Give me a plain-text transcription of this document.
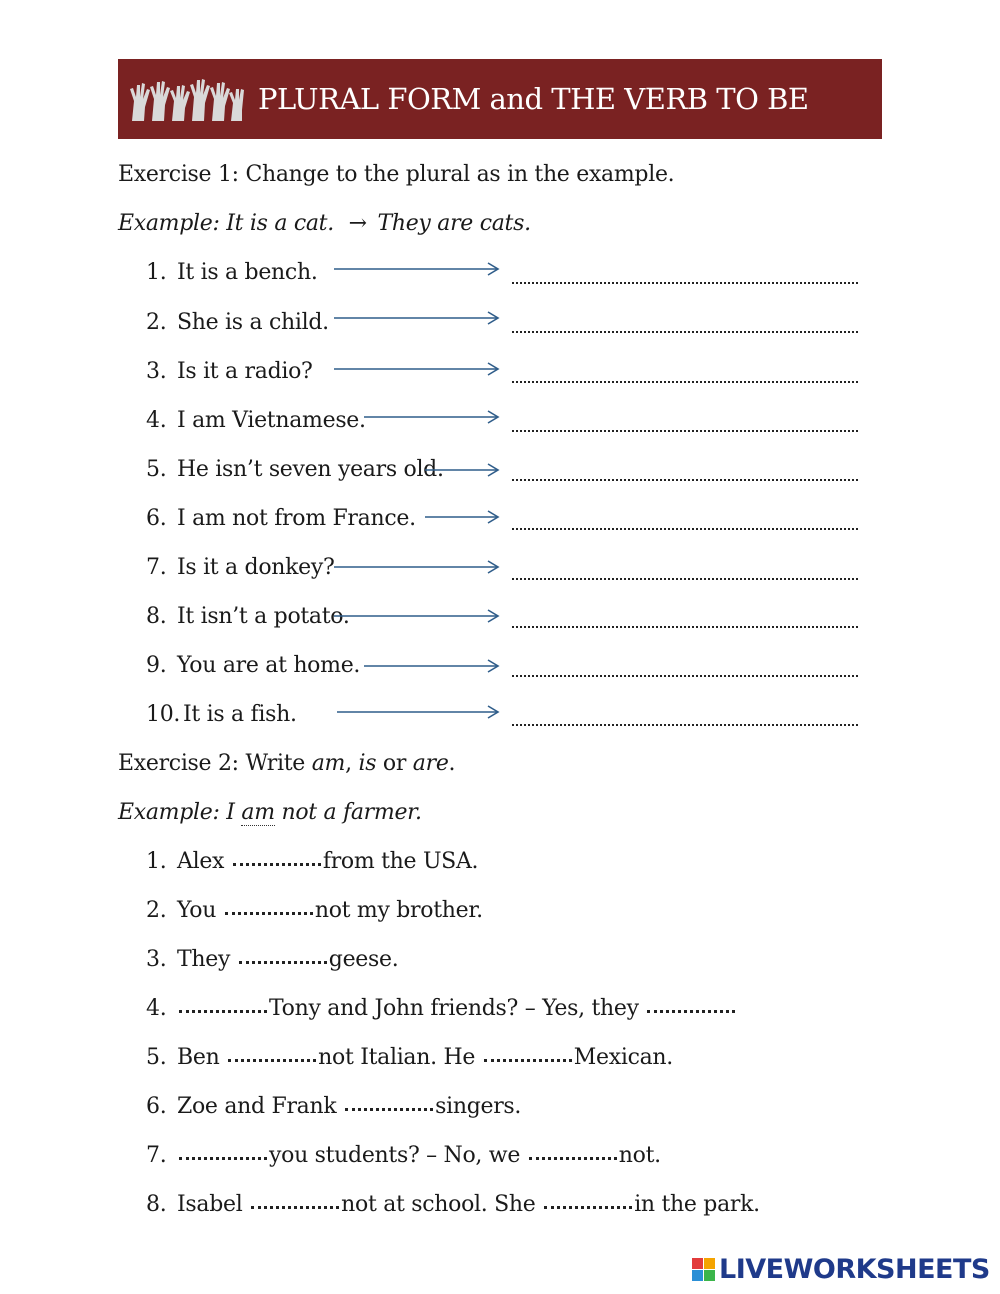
PLURAL FORM and THE VERB TO BE
Exercise 1: Change to the plural as in the example.
Example: It is a cat. → They are cats.
1. It is a bench.
2. She is a child.
3. Is it a radio?
4. I am Vietnamese.
5. He isn’t seven years old.
6. I am not from France.
7. Is it a donkey?
8. It isn’t a potato.
9. You are at home.
10. It is a fish.
Exercise 2: Write am, is or are.
Example: I am not a farmer.
1. Alex	from the USA.
2. You	not my brother.
3. They	geese.
4.	Tony and John friends? – Yes, they
5. Ben	not Italian. He	Mexican.
6. Zoe and Frank	singers.
7.	you students? – No, we	not.
8. Isabel	not at school. She	in the park.
LIVEWORKSHEETS
